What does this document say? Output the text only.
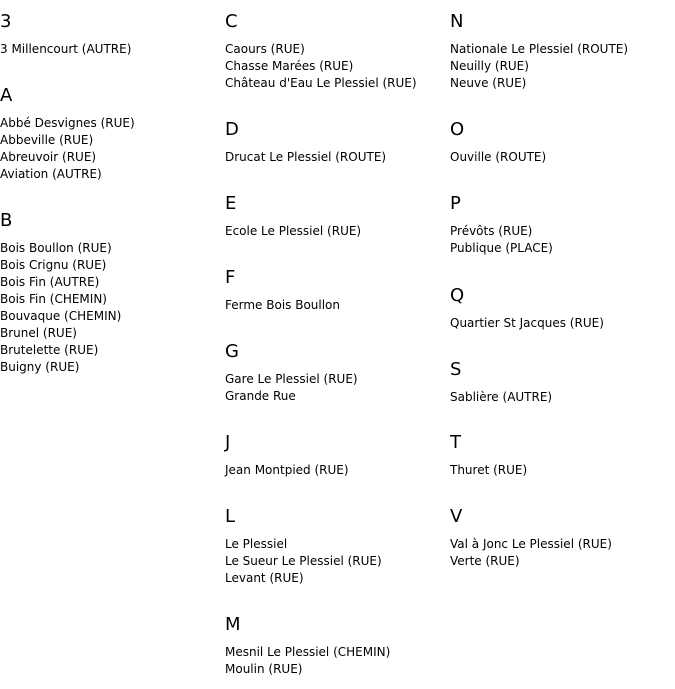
3
3 Millencourt (AUTRE)
A
Abbé Desvignes (RUE)
Abbeville (RUE)
Abreuvoir (RUE)
Aviation (AUTRE)
B
Bois Boullon (RUE)
Bois Crignu (RUE)
Bois Fin (AUTRE)
Bois Fin (CHEMIN)
Bouvaque (CHEMIN)
Brunel (RUE)
Brutelette (RUE)
Buigny (RUE)
C
Caours (RUE)
Chasse Marées (RUE)
Château d'Eau Le Plessiel (RUE)
D
Drucat Le Plessiel (ROUTE)
E
Ecole Le Plessiel (RUE)
F
Ferme Bois Boullon
G
Gare Le Plessiel (RUE)
Grande Rue
J
Jean Montpied (RUE)
L
Le Plessiel
Le Sueur Le Plessiel (RUE)
Levant (RUE)
M
Mesnil Le Plessiel (CHEMIN)
Moulin (RUE)
N
Nationale Le Plessiel (ROUTE)
Neuilly (RUE)
Neuve (RUE)
O
Ouville (ROUTE)
P
Prévôts (RUE)
Publique (PLACE)
Q
Quartier St Jacques (RUE)
S
Sablière (AUTRE)
T
Thuret (RUE)
V
Val à Jonc Le Plessiel (RUE)
Verte (RUE)
